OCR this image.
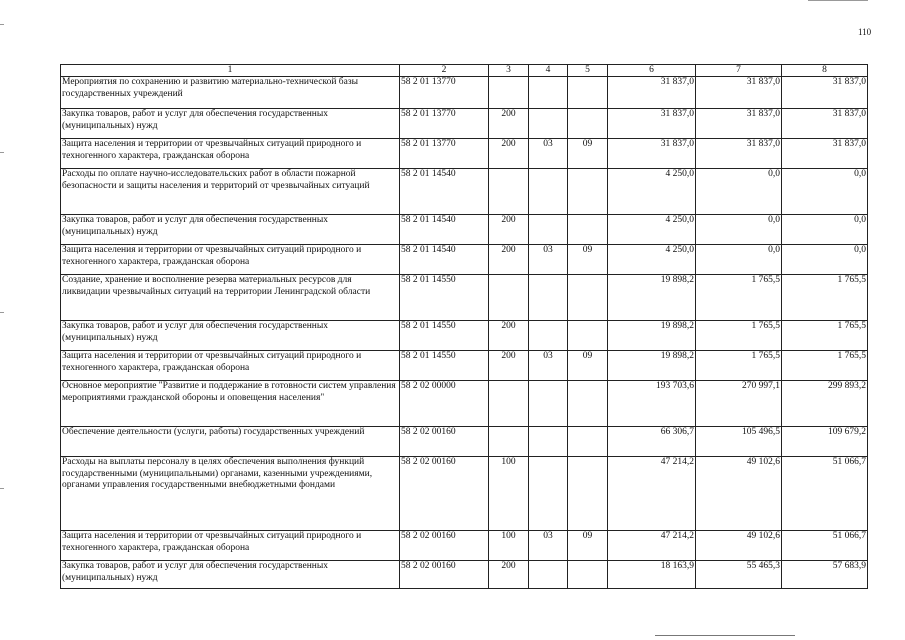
110
1	2	3	4	5	6	7	8
Мероприятия по сохранению и развитию материально-технической базы государственных учреждений	58 2 01 13770				31 837,0	31 837,0	31 837,0
Закупка товаров, работ и услуг для обеспечения государственных (муниципальных) нужд	58 2 01 13770	200			31 837,0	31 837,0	31 837,0
Защита населения и территории от чрезвычайных ситуаций природного и техногенного характера, гражданская оборона	58 2 01 13770	200	03	09	31 837,0	31 837,0	31 837,0
Расходы по оплате научно-исследовательских работ в области пожарной безопасности и защиты населения и территорий от чрезвычайных ситуаций	58 2 01 14540				4 250,0	0,0	0,0
Закупка товаров, работ и услуг для обеспечения государственных (муниципальных) нужд	58 2 01 14540	200			4 250,0	0,0	0,0
Защита населения и территории от чрезвычайных ситуаций природного и техногенного характера, гражданская оборона	58 2 01 14540	200	03	09	4 250,0	0,0	0,0
Создание, хранение и восполнение резерва материальных ресурсов для ликвидации чрезвычайных ситуаций на территории Ленинградской области	58 2 01 14550				19 898,2	1 765,5	1 765,5
Закупка товаров, работ и услуг для обеспечения государственных (муниципальных) нужд	58 2 01 14550	200			19 898,2	1 765,5	1 765,5
Защита населения и территории от чрезвычайных ситуаций природного и техногенного характера, гражданская оборона	58 2 01 14550	200	03	09	19 898,2	1 765,5	1 765,5
Основное мероприятие "Развитие и поддержание в готовности систем управления мероприятиями гражданской обороны и оповещения населения"	58 2 02 00000				193 703,6	270 997,1	299 893,2
Обеспечение деятельности (услуги, работы) государственных учреждений	58 2 02 00160				66 306,7	105 496,5	109 679,2
Расходы на выплаты персоналу в целях обеспечения выполнения функций государственными (муниципальными) органами, казенными учреждениями, органами управления государственными внебюджетными фондами	58 2 02 00160	100			47 214,2	49 102,6	51 066,7
Защита населения и территории от чрезвычайных ситуаций природного и техногенного характера, гражданская оборона	58 2 02 00160	100	03	09	47 214,2	49 102,6	51 066,7
Закупка товаров, работ и услуг для обеспечения государственных (муниципальных) нужд	58 2 02 00160	200			18 163,9	55 465,3	57 683,9
